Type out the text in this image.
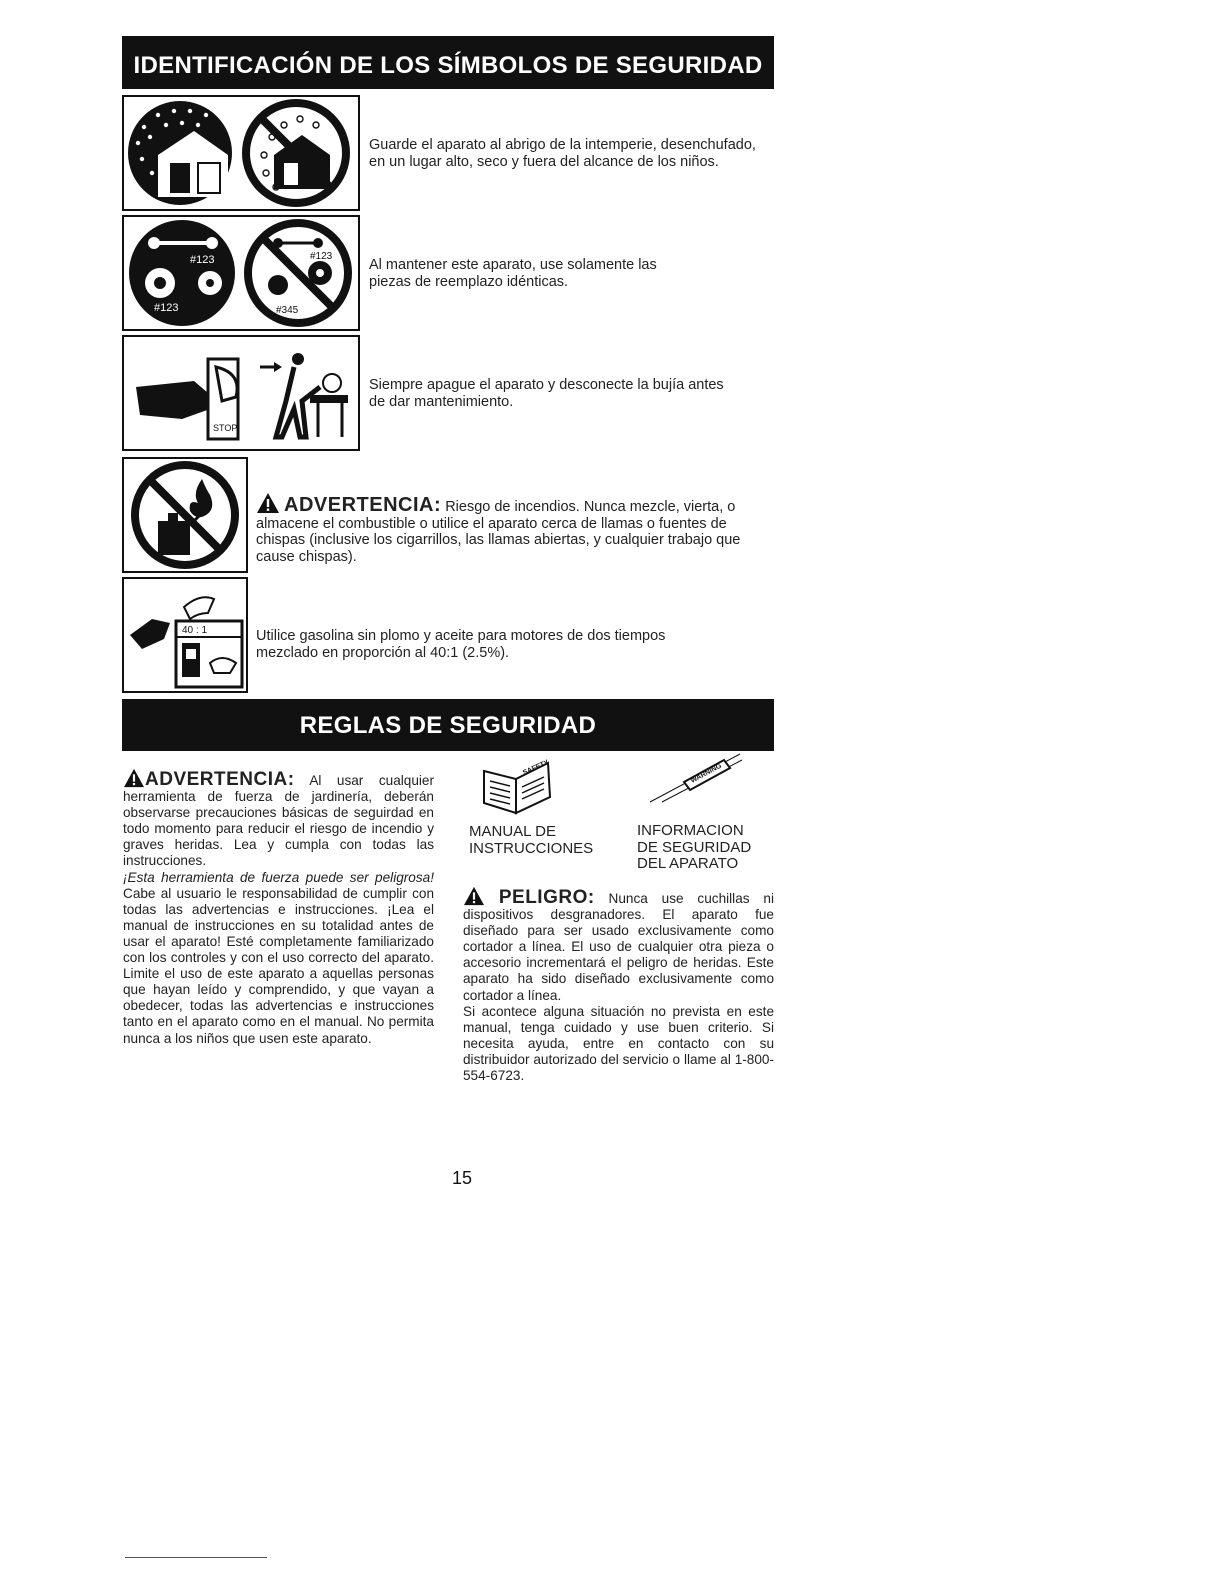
IDENTIFICACIÓN DE LOS SÍMBOLOS DE SEGURIDAD
Guarde el aparato al abrigo de la intemperie, desenchufado, en un lugar alto, seco y fuera del alcance de los niños.
#123
#123
#123
#345
Al mantener este aparato, use solamente las piezas de reemplazo idénticas.
STOP
Siempre apague el aparato y desconecte la bujía antes de dar mantenimiento.
ADVERTENCIA: Riesgo de incendios. Nunca mezcle, vierta, o almacene el combustible o utilice el aparato cerca de llamas o fuentes de chispas (inclusive los cigarrillos, las llamas abiertas, y cualquier trabajo que cause chispas).
40 : 1	Utilice gasolina sin plomo y aceite para motores de dos tiempos mezclado en proporción al 40:1 (2.5%).
REGLAS DE SEGURIDAD

ADVERTENCIA: Al usar cualquier herramienta de fuerza de jardinería, deberán observarse precauciones básicas de seguirdad en todo momento para reducir el riesgo de incendio y graves heridas. Lea y cumpla con todas las instrucciones.

¡Esta herramienta de fuerza puede ser peligrosa! Cabe al usuario le responsabilidad de cumplir con todas las advertencias e instrucciones. ¡Lea el manual de instrucciones en su totalidad antes de usar el aparato! Esté completamente familiarizado con los controles y con el uso correcto del aparato. Limite el uso de este aparato a aquellas personas que hayan leído y comprendido, y que vayan a obedecer, todas las advertencias e instrucciones tanto en el aparato como en el manual. No permita nunca a los niños que usen este aparato.

SAFETY	WARNING
MANUAL DE
INSTRUCCIONES
INFORMACION
DE SEGURIDAD
DEL APARATO

PELIGRO: Nunca use cuchillas ni dispositivos desgranadores. El aparato fue diseñado para ser usado exclusivamente como cortador a línea. El uso de cualquier otra pieza o accesorio incrementará el peligro de heridas. Este aparato ha sido diseñado exclusivamente como cortador a línea.

Si acontece alguna situación no prevista en este manual, tenga cuidado y use buen criterio. Si necesita ayuda, entre en contacto con su distribuidor autorizado del servicio o llame al 1-800-554-6723.

15
